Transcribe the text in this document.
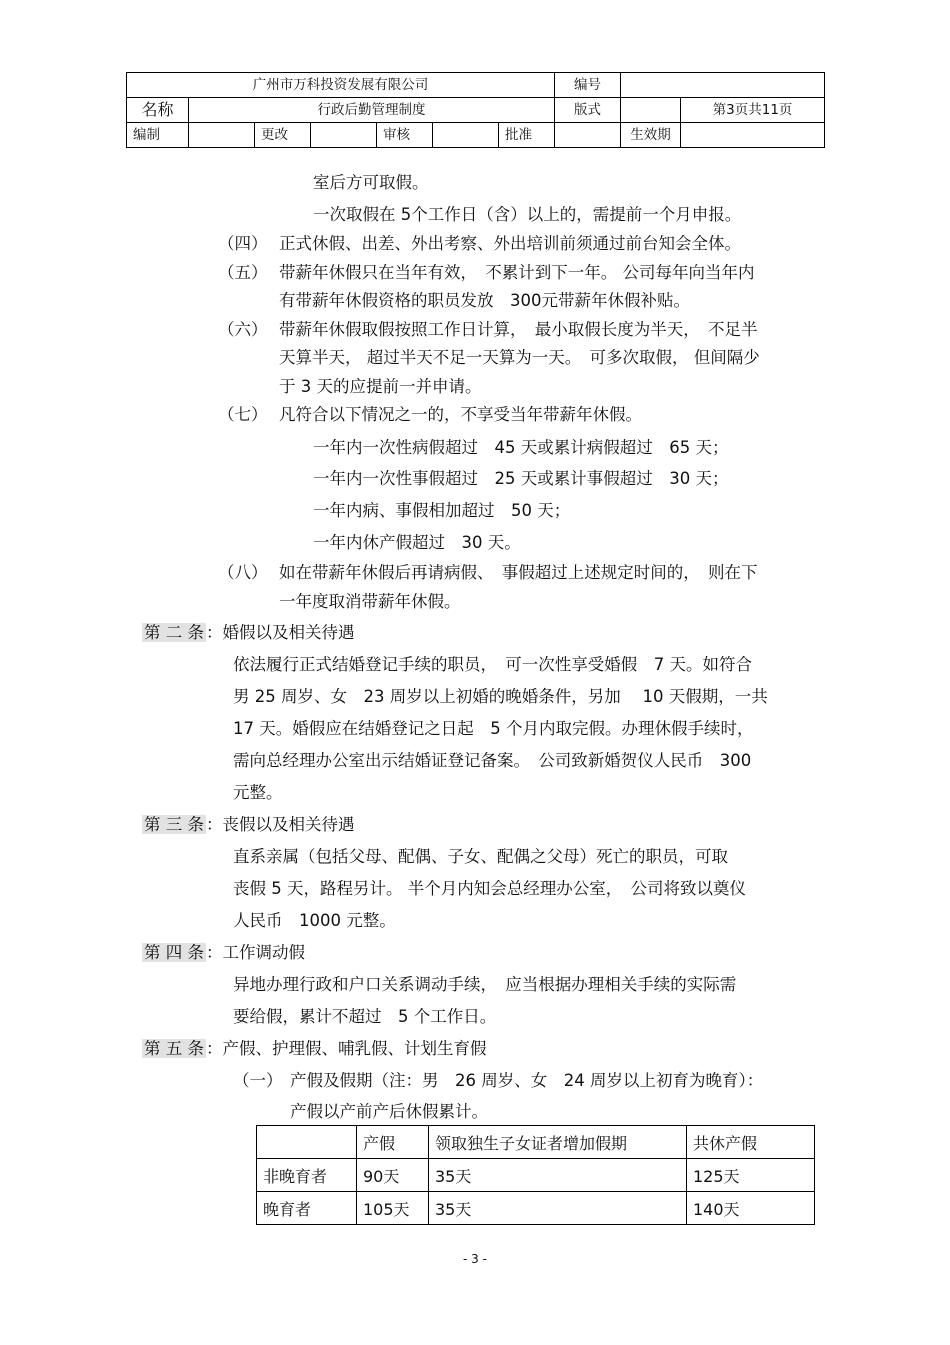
广州市万科投资发展有限公司							编号		
名称	行政后勤管理制度						版式		第3页共11页
编制		更改		审核		批准		生效期	
室后方可取假。
一次取假在 5个工作日（含）以上的，需提前一个月申报。
（四） 正式休假、出差、外出考察、外出培训前须通过前台知会全体。
（五） 带薪年休假只在当年有效，　不累计到下一年。 公司每年向当年内
有带薪年休假资格的职员发放　300元带薪年休假补贴。
（六） 带薪年休假取假按照工作日计算，　最小取假长度为半天，　不足半
天算半天， 超过半天不足一天算为一天。　可多次取假， 但间隔少
于 3 天的应提前一并申请。
（七） 凡符合以下情况之一的，不享受当年带薪年休假。
一年内一次性病假超过　45 天或累计病假超过　65 天；
一年内一次性事假超过　25 天或累计事假超过　30 天；
一年内病、事假相加超过　50 天；
一年内休产假超过　30 天。
（八） 如在带薪年休假后再请病假、　事假超过上述规定时间的，　则在下
一年度取消带薪年休假。
第 二 条 ：婚假以及相关待遇
依法履行正式结婚登记手续的职员，　可一次性享受婚假　7 天。如符合
男 25 周岁、女　23 周岁以上初婚的晚婚条件，另加　 10 天假期，一共
17 天。婚假应在结婚登记之日起　5 个月内取完假。办理休假手续时，
需向总经理办公室出示结婚证登记备案。　公司致新婚贺仪人民币　300
元整。
第 三 条 ：丧假以及相关待遇
直系亲属（包括父母、配偶、子女、配偶之父母）死亡的职员，可取
丧假 5 天，路程另计。 半个月内知会总经理办公室，　公司将致以奠仪
人民币　1000 元整。
第 四 条 ：工作调动假
异地办理行政和户口关系调动手续，　应当根据办理相关手续的实际需
要给假，累计不超过　5 个工作日。
第 五 条 ：产假、护理假、哺乳假、计划生育假
（一） 产假及假期（注：男　26 周岁、女　24 周岁以上初育为晚育）：
产假以产前产后休假累计。
	产假	领取独生子女证者增加假期	共休产假
非晚育者	90天	35天	125天
晚育者	105天	35天	140天
- 3 -
